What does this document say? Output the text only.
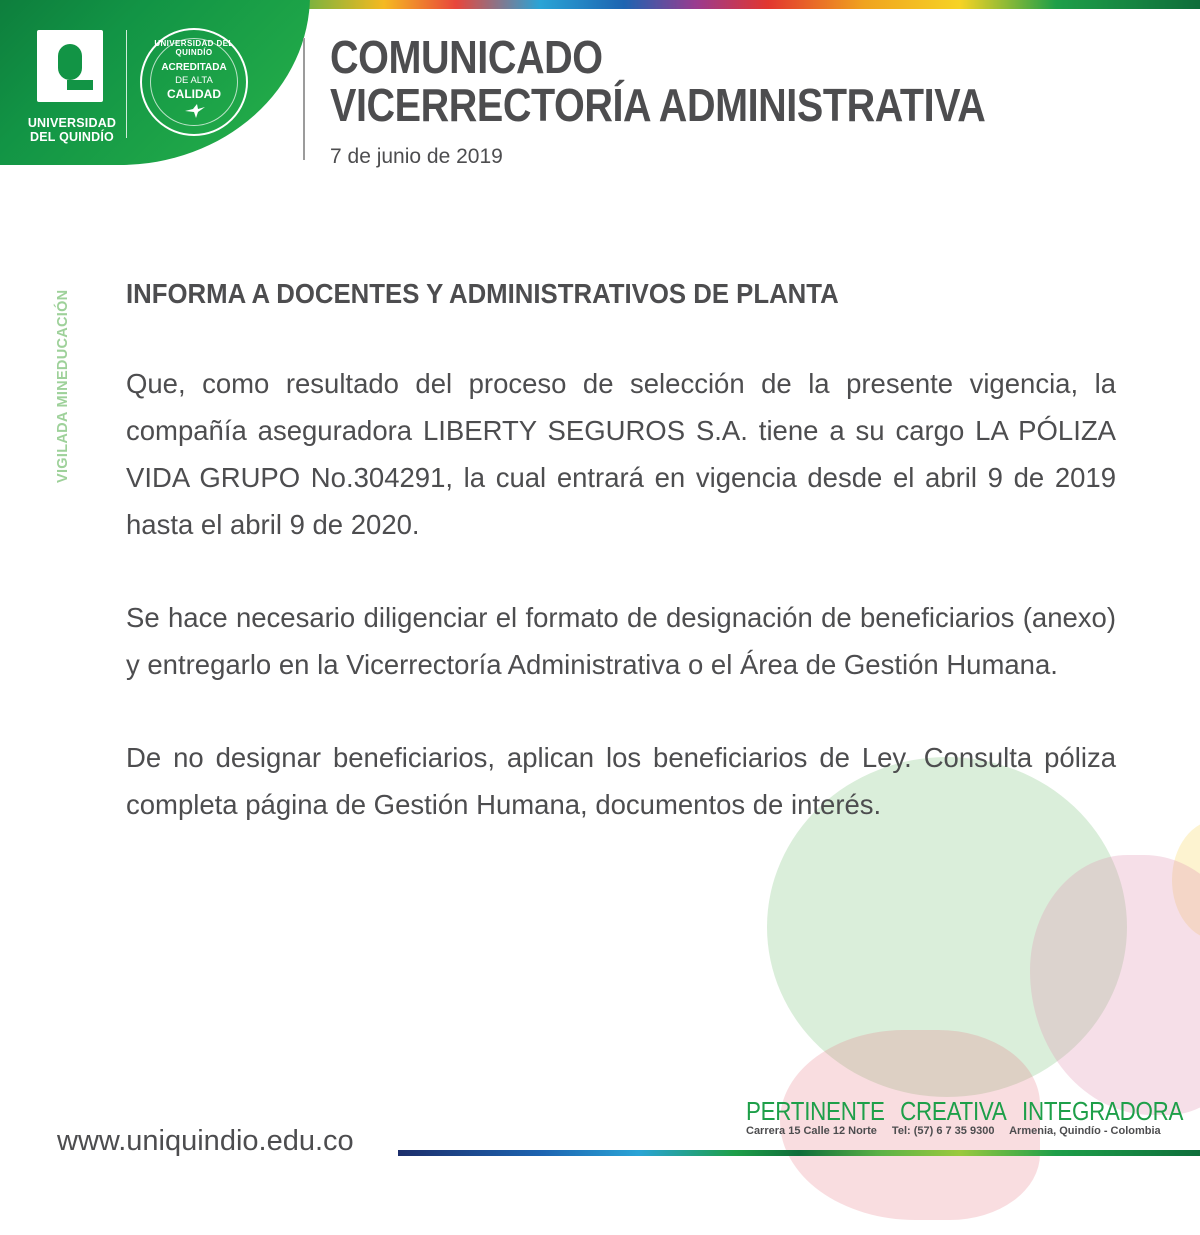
UNIVERSIDAD
DEL QUINDÍO
UNIVERSIDAD DEL QUINDÍO
ACREDITADA
DE ALTA
CALIDAD
COMUNICADO
VICERRECTORÍA ADMINISTRATIVA
7 de junio de 2019
VIGILADA MINEDUCACIÓN INFORMA A DOCENTES Y ADMINISTRATIVOS DE PLANTA

Que, como resultado del proceso de selección de la presente vigencia, la compañía aseguradora LIBERTY SEGUROS S.A. tiene a su cargo LA PÓLIZA VIDA GRUPO No.304291, la cual entrará en vigencia desde el abril 9 de 2019 hasta el abril 9 de 2020.

Se hace necesario diligenciar el formato de designación de beneficiarios (anexo) y entregarlo en la Vicerrectoría Administrativa o el Área de Gestión Humana.

De no designar beneficiarios, aplican los beneficiarios de Ley. Consulta póliza completa página de Gestión Humana, documentos de interés.

PERTINENTE CREATIVA INTEGRADORA
Carrera 15 Calle 12 Norte Tel: (57) 6 7 35 9300 Armenia, Quindío - Colombia
www.uniquindio.edu.co
